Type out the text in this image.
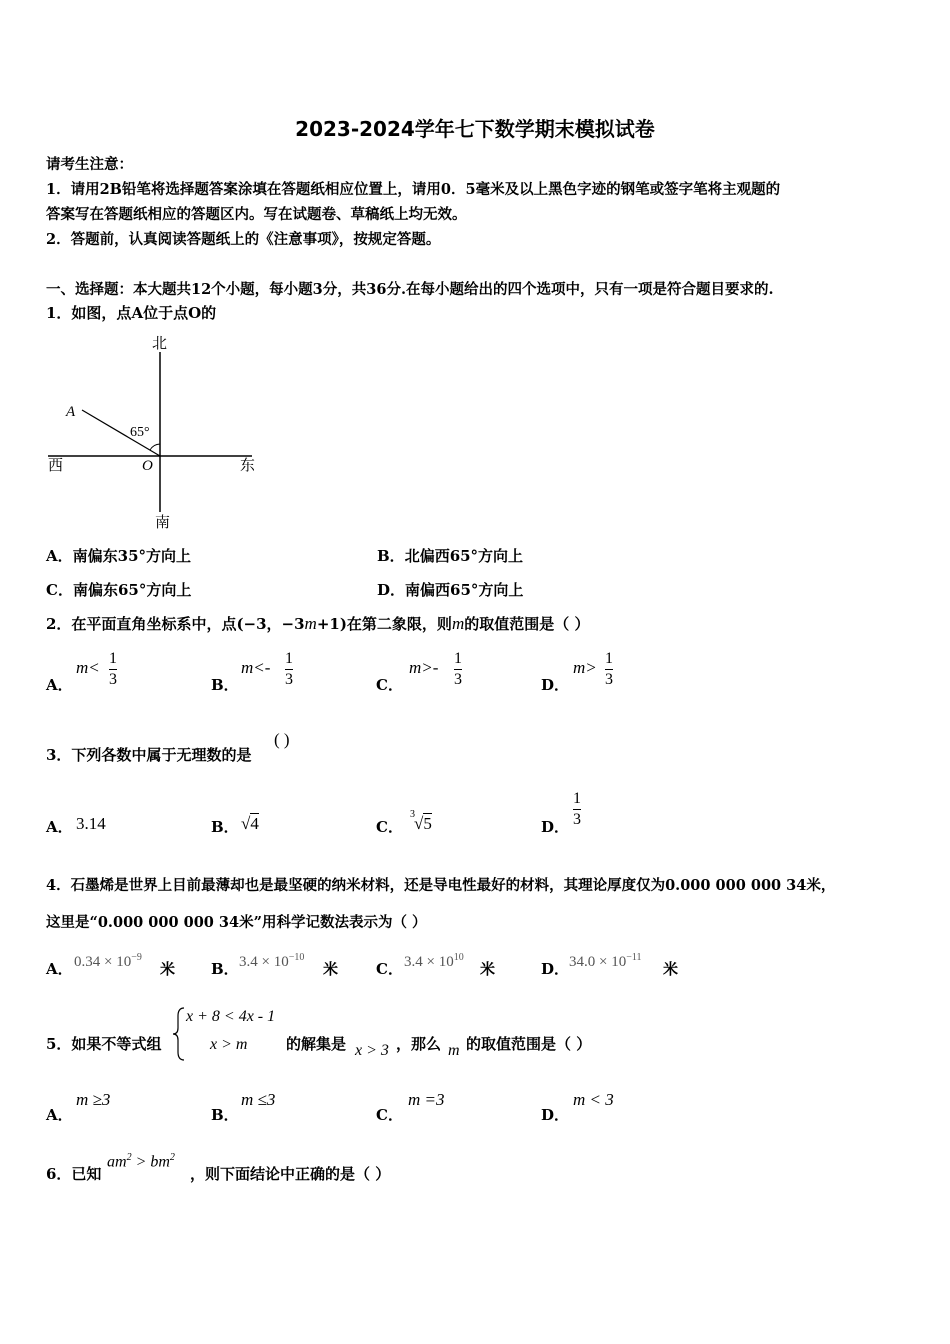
2023-2024学年七下数学期末模拟试卷
请考生注意：
1．请用2B铅笔将选择题答案涂填在答题纸相应位置上，请用0．5毫米及以上黑色字迹的钢笔或签字笔将主观题的
答案写在答题纸相应的答题区内。写在试题卷、草稿纸上均无效。
2．答题前，认真阅读答题纸上的《注意事项》，按规定答题。
一、选择题：本大题共12个小题，每小题3分，共36分.在每小题给出的四个选项中，只有一项是符合题目要求的.
1．如图，点A位于点O的
北
南
西	东
A
O
65°
A．南偏东35°方向上	B．北偏西65°方向上
C．南偏东65°方向上	D．南偏西65°方向上
2．在平面直角坐标系中，点(−3，−3m+1)在第二象限，则m的取值范围是（ ）
A．
m< 1
3	B．
m<- 1
3	C．
m>- 1
3	D．
m> 1
3
3．下列各数中属于无理数的是
( )
A． 3.14	B． √4	C．
3 √5	D．
1
3
4．石墨烯是世界上目前最薄却也是最坚硬的纳米材料，还是导电性最好的材料，其理论厚度仅为0.000 000 000 34米，
这里是“0.000 000 000 34米”用科学记数法表示为（ ）
A． $0.34 \times 10^{-9}$
米 B． $3.4 \times 10^{-10}$
米	C． $3.4 \times 10^{10}$
米	D． $34.0 \times 10^{-11}$
米
5．如果不等式组
x + 8 < 4x - 1
x > m	的解集是 x > 3 ，那么 m 的取值范围是（ ）
A．
m ≥3
B．
m ≤3
C．
m =3
D．
m < 3
6．已知
$am^2 > bm^2$
，则下面结论中正确的是（ ）
